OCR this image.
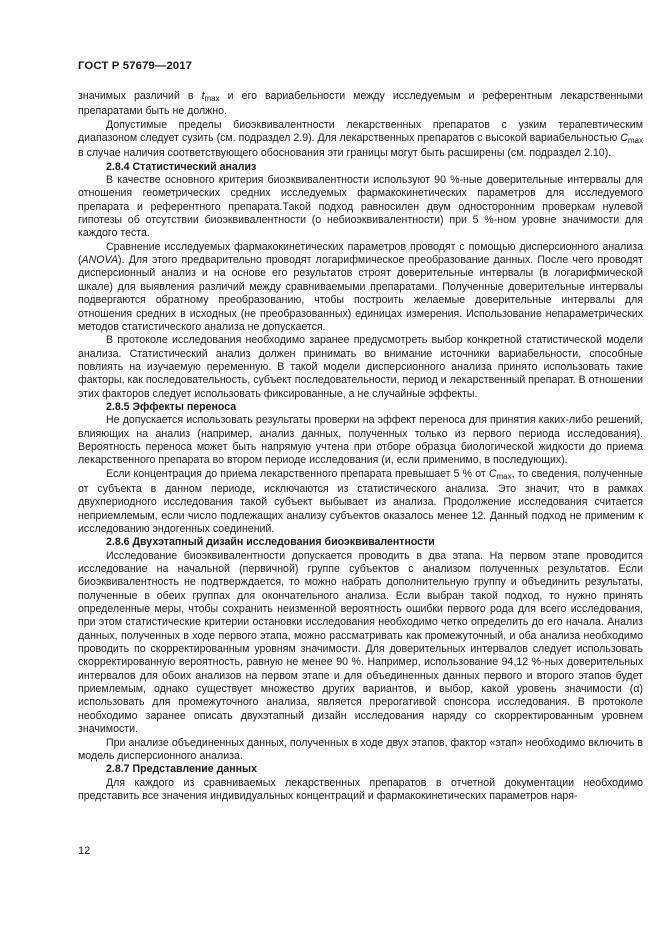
ГОСТ Р 57679—2017

значимых различий в $t_{max}$ и его вариабельности между исследуемым и референтным лекарственными препаратами быть не должно.

Допустимые пределы биоэквивалентности лекарственных препаратов с узким терапевтическим диапазоном следует сузить (см. подраздел 2.9). Для лекарственных препаратов с высокой вариабельностью $C_{max}$ в случае наличия соответствующего обоснования эти границы могут быть расширены (см. подраздел 2.10).

2.8.4 Статистический анализ

В качестве основного критерия биоэквивалентности используют 90 %-ные доверительные интервалы для отношения геометрических средних исследуемых фармакокинетических параметров для исследуемого препарата и референтного препарата.Такой подход равносилен двум односторонним проверкам нулевой гипотезы об отсутствии биоэквивалентности (о небиоэквивалентности) при 5 %-ном уровне значимости для каждого теста.

Сравнение исследуемых фармакокинетических параметров проводят с помощью дисперсионного анализа (ANOVA). Для этого предварительно проводят логарифмическое преобразование данных. После чего проводят дисперсионный анализ и на основе его результатов строят доверительные интервалы (в логарифмической шкале) для выявления различий между сравниваемыми препаратами. Полученные доверительные интервалы подвергаются обратному преобразованию, чтобы построить желаемые доверительные интервалы для отношения средних в исходных (не преобразованных) единицах измерения. Использование непараметрических методов статистического анализа не допускается.

В протоколе исследования необходимо заранее предусмотреть выбор конкретной статистической модели анализа. Статистический анализ должен принимать во внимание источники вариабельности, способные повлиять на изучаемую переменную. В такой модели дисперсионного анализа принято использовать такие факторы, как последовательность, субъект последовательности, период и лекарственный препарат. В отношении этих факторов следует использовать фиксированные, а не случайные эффекты.

2.8.5 Эффекты переноса

Не допускается использовать результаты проверки на эффект переноса для принятия каких-либо решений, влияющих на анализ (например, анализ данных, полученных только из первого периода исследования). Вероятность переноса может быть напрямую учтена при отборе образца биологической жидкости до приема лекарственного препарата во втором периоде исследования (и, если применимо, в последующих).

Если концентрация до приема лекарственного препарата превышает 5 % от $C_{max}$, то сведения, полученные от субъекта в данном периоде, исключаются из статистического анализа. Это значит, что в рамках двухпериодного исследования такой субъект выбывает из анализа. Продолжение исследования считается неприемлемым, если число подлежащих анализу субъектов оказалось менее 12. Данный подход не применим к исследованию эндогенных соединений.

2.8.6 Двухэтапный дизайн исследования биоэквивалентности

Исследование биоэквивалентности допускается проводить в два этапа. На первом этапе проводится исследование на начальной (первичной) группе субъектов с анализом полученных результатов. Если биоэквивалентность не подтверждается, то можно набрать дополнительную группу и объединить результаты, полученные в обеих группах для окончательного анализа. Если выбран такой подход, то нужно принять определенные меры, чтобы сохранить неизменной вероятность ошибки первого рода для всего исследования, при этом статистические критерии остановки исследования необходимо четко определить до его начала. Анализ данных, полученных в ходе первого этапа, можно рассматривать как промежуточный, и оба анализа необходимо проводить по скорректированным уровням значимости. Для доверительных интервалов следует использовать скорректированную вероятность, равную не менее 90 %. Например, использование 94,12 %-ных доверительных интервалов для обоих анализов на первом этапе и для объединенных данных первого и второго этапов будет приемлемым, однако существует множество других вариантов, и выбор, какой уровень значимости (α) использовать для промежуточного анализа, является прерогативой спонсора исследования. В протоколе необходимо заранее описать двухэтапный дизайн исследования наряду со скорректированным уровнем значимости.

При анализе объединенных данных, полученных в ходе двух этапов, фактор «этап» необходимо включить в модель дисперсионного анализа.

2.8.7 Представление данных

Для каждого из сравниваемых лекарственных препаратов в отчетной документации необходимо представить все значения индивидуальных концентраций и фармакокинетических параметров наря-

12
